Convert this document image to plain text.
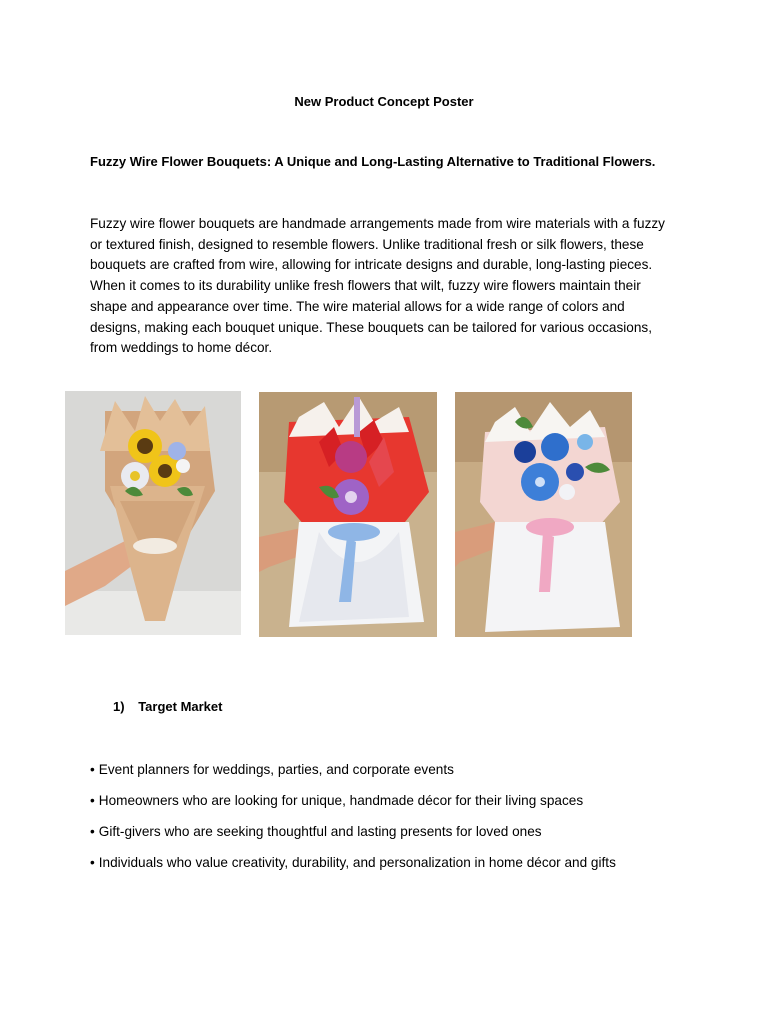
New Product Concept Poster
Fuzzy Wire Flower Bouquets: A Unique and Long-Lasting Alternative to Traditional Flowers.
Fuzzy wire flower bouquets are handmade arrangements made from wire materials with a fuzzy
or textured finish, designed to resemble flowers. Unlike traditional fresh or silk flowers, these
bouquets are crafted from wire, allowing for intricate designs and durable, long-lasting pieces.
When it comes to its durability unlike fresh flowers that wilt, fuzzy wire flowers maintain their
shape and appearance over time. The wire material allows for a wide range of colors and
designs, making each bouquet unique. These bouquets can be tailored for various occasions,
from weddings to home décor.
1) Target Market
• Event planners for weddings, parties, and corporate events
• Homeowners who are looking for unique, handmade décor for their living spaces
• Gift-givers who are seeking thoughtful and lasting presents for loved ones
• Individuals who value creativity, durability, and personalization in home décor and gifts
